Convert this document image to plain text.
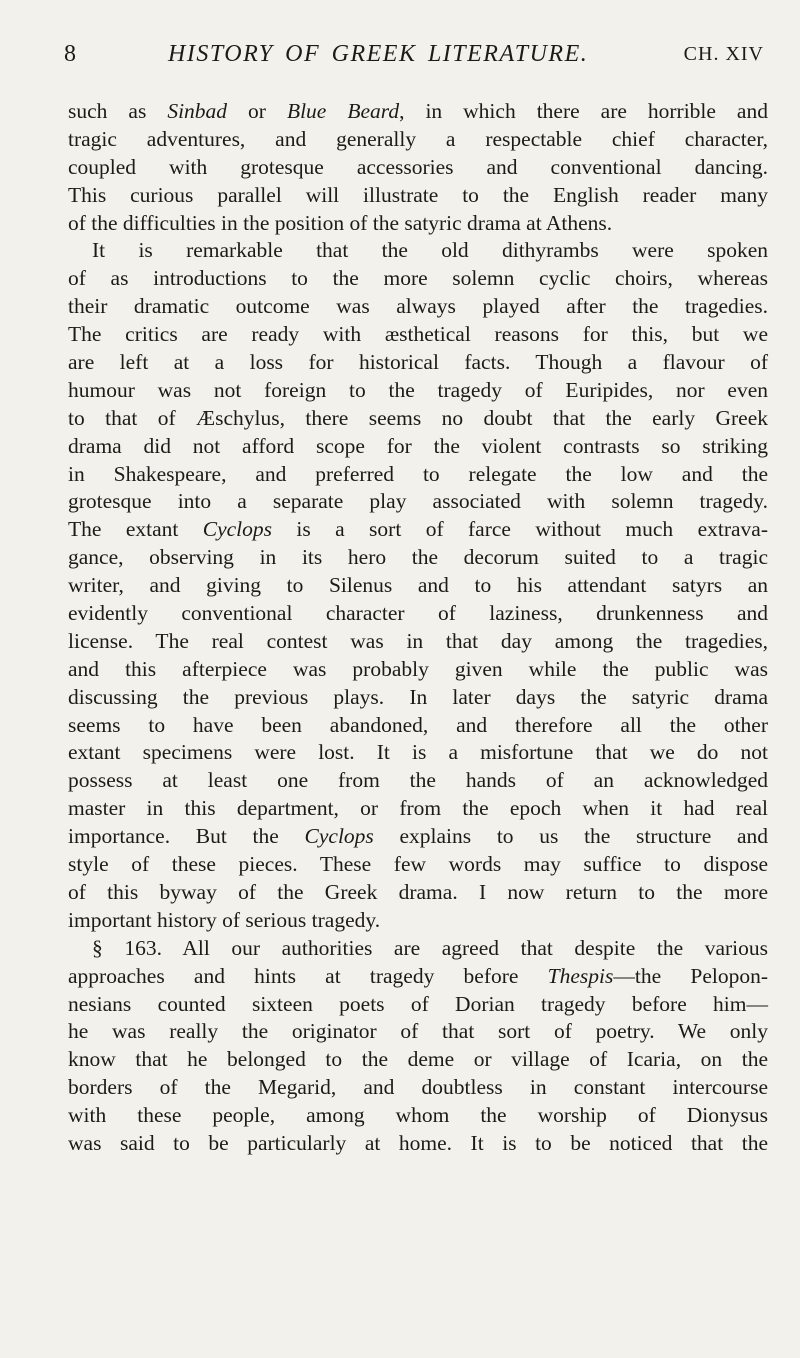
8	HISTORY OF GREEK LITERATURE.	CH. XIV
such as Sinbad or Blue Beard, in which there are horrible and
tragic adventures, and generally a respectable chief character,
coupled with grotesque accessories and conventional dancing.
This curious parallel will illustrate to the English reader many
of the difficulties in the position of the satyric drama at Athens.
It is remarkable that the old dithyrambs were spoken
of as introductions to the more solemn cyclic choirs, whereas
their dramatic outcome was always played after the tragedies.
The critics are ready with æsthetical reasons for this, but we
are left at a loss for historical facts. Though a flavour of
humour was not foreign to the tragedy of Euripides, nor even
to that of Æschylus, there seems no doubt that the early Greek
drama did not afford scope for the violent contrasts so striking
in Shakespeare, and preferred to relegate the low and the
grotesque into a separate play associated with solemn tragedy.
The extant Cyclops is a sort of farce without much extrava-
gance, observing in its hero the decorum suited to a tragic
writer, and giving to Silenus and to his attendant satyrs an
evidently conventional character of laziness, drunkenness and
license. The real contest was in that day among the tragedies,
and this afterpiece was probably given while the public was
discussing the previous plays. In later days the satyric drama
seems to have been abandoned, and therefore all the other
extant specimens were lost. It is a misfortune that we do not
possess at least one from the hands of an acknowledged
master in this department, or from the epoch when it had real
importance. But the Cyclops explains to us the structure and
style of these pieces. These few words may suffice to dispose
of this byway of the Greek drama. I now return to the more
important history of serious tragedy.
§ 163. All our authorities are agreed that despite the various
approaches and hints at tragedy before Thespis—the Pelopon-
nesians counted sixteen poets of Dorian tragedy before him—
he was really the originator of that sort of poetry. We only
know that he belonged to the deme or village of Icaria, on the
borders of the Megarid, and doubtless in constant intercourse
with these people, among whom the worship of Dionysus
was said to be particularly at home. It is to be noticed that the
